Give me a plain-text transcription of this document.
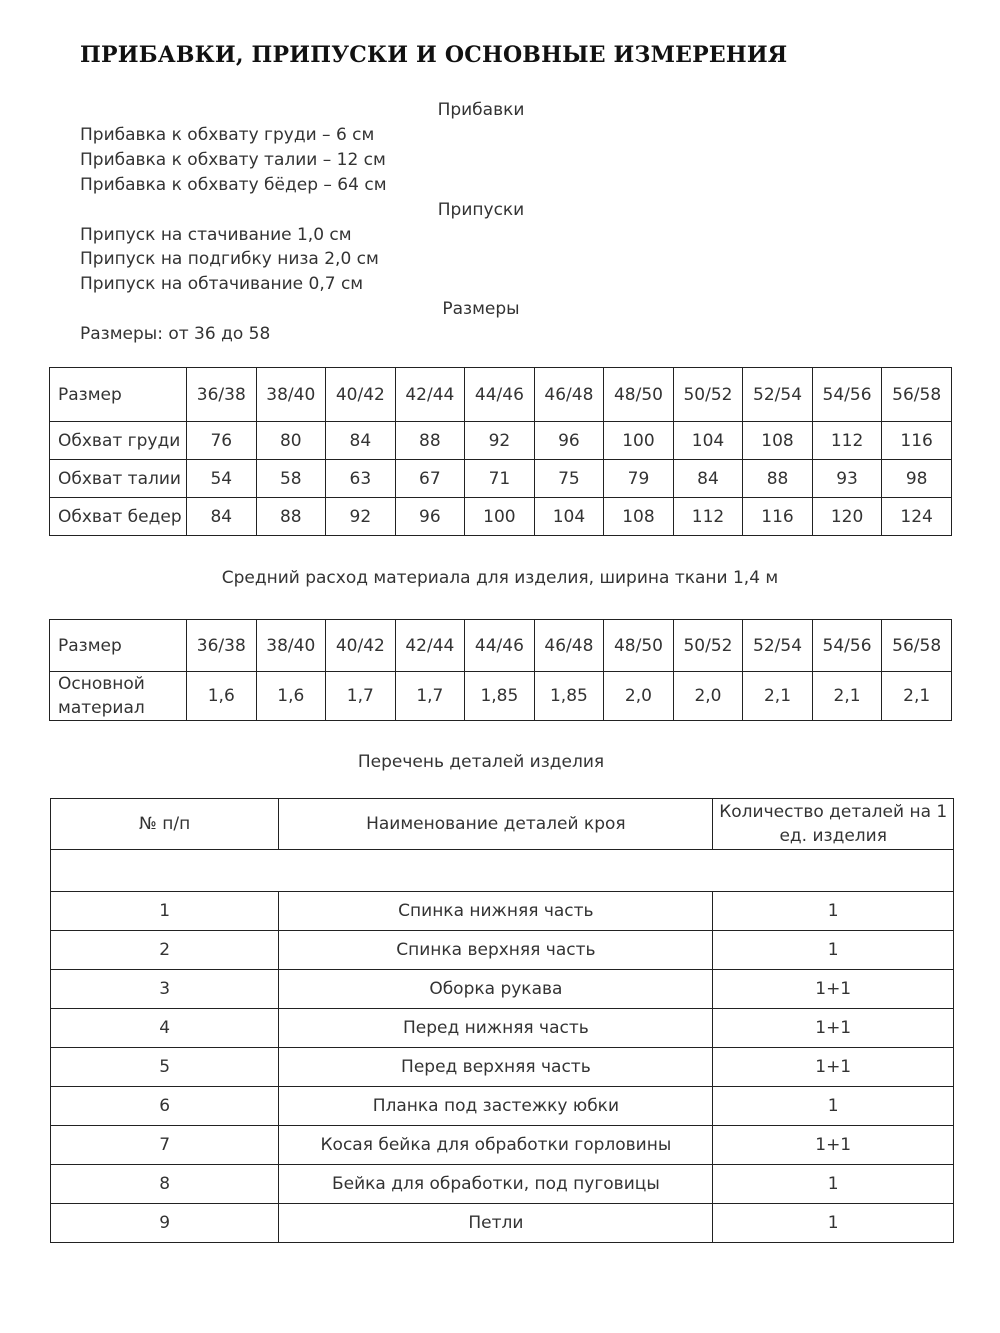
ПРИБАВКИ, ПРИПУСКИ И ОСНОВНЫЕ ИЗМЕРЕНИЯ
Прибавки
Прибавка к обхвату груди – 6 см
Прибавка к обхвату талии – 12 см
Прибавка к обхвату бёдер – 64 см
Припуски
Припуск на стачивание 1,0 см
Припуск на подгибку низа 2,0 см
Припуск на обтачивание 0,7 см
Размеры
Размеры: от 36 до 58
Размер	36/38	38/40	40/42	42/44	44/46	46/48	48/50	50/52	52/54	54/56	56/58
Обхват груди	76	80	84	88	92	96	100	104	108	112	116
Обхват талии	54	58	63	67	71	75	79	84	88	93	98
Обхват бедер	84	88	92	96	100	104	108	112	116	120	124
Средний расход материала для изделия, ширина ткани 1,4 м
Размер	36/38	38/40	40/42	42/44	44/46	46/48	48/50	50/52	52/54	54/56	56/58
Основной
материал	1,6	1,6	1,7	1,7	1,85	1,85	2,0	2,0	2,1	2,1	2,1
Перечень деталей изделия
№ п/п	Наименование деталей кроя	Количество деталей на 1
ед. изделия

1	Спинка нижняя часть	1
2	Спинка верхняя часть	1
3	Оборка рукава	1+1
4	Перед нижняя часть	1+1
5	Перед верхняя часть	1+1
6	Планка под застежку юбки	1
7	Косая бейка для обработки горловины	1+1
8	Бейка для обработки, под пуговицы	1
9	Петли	1
